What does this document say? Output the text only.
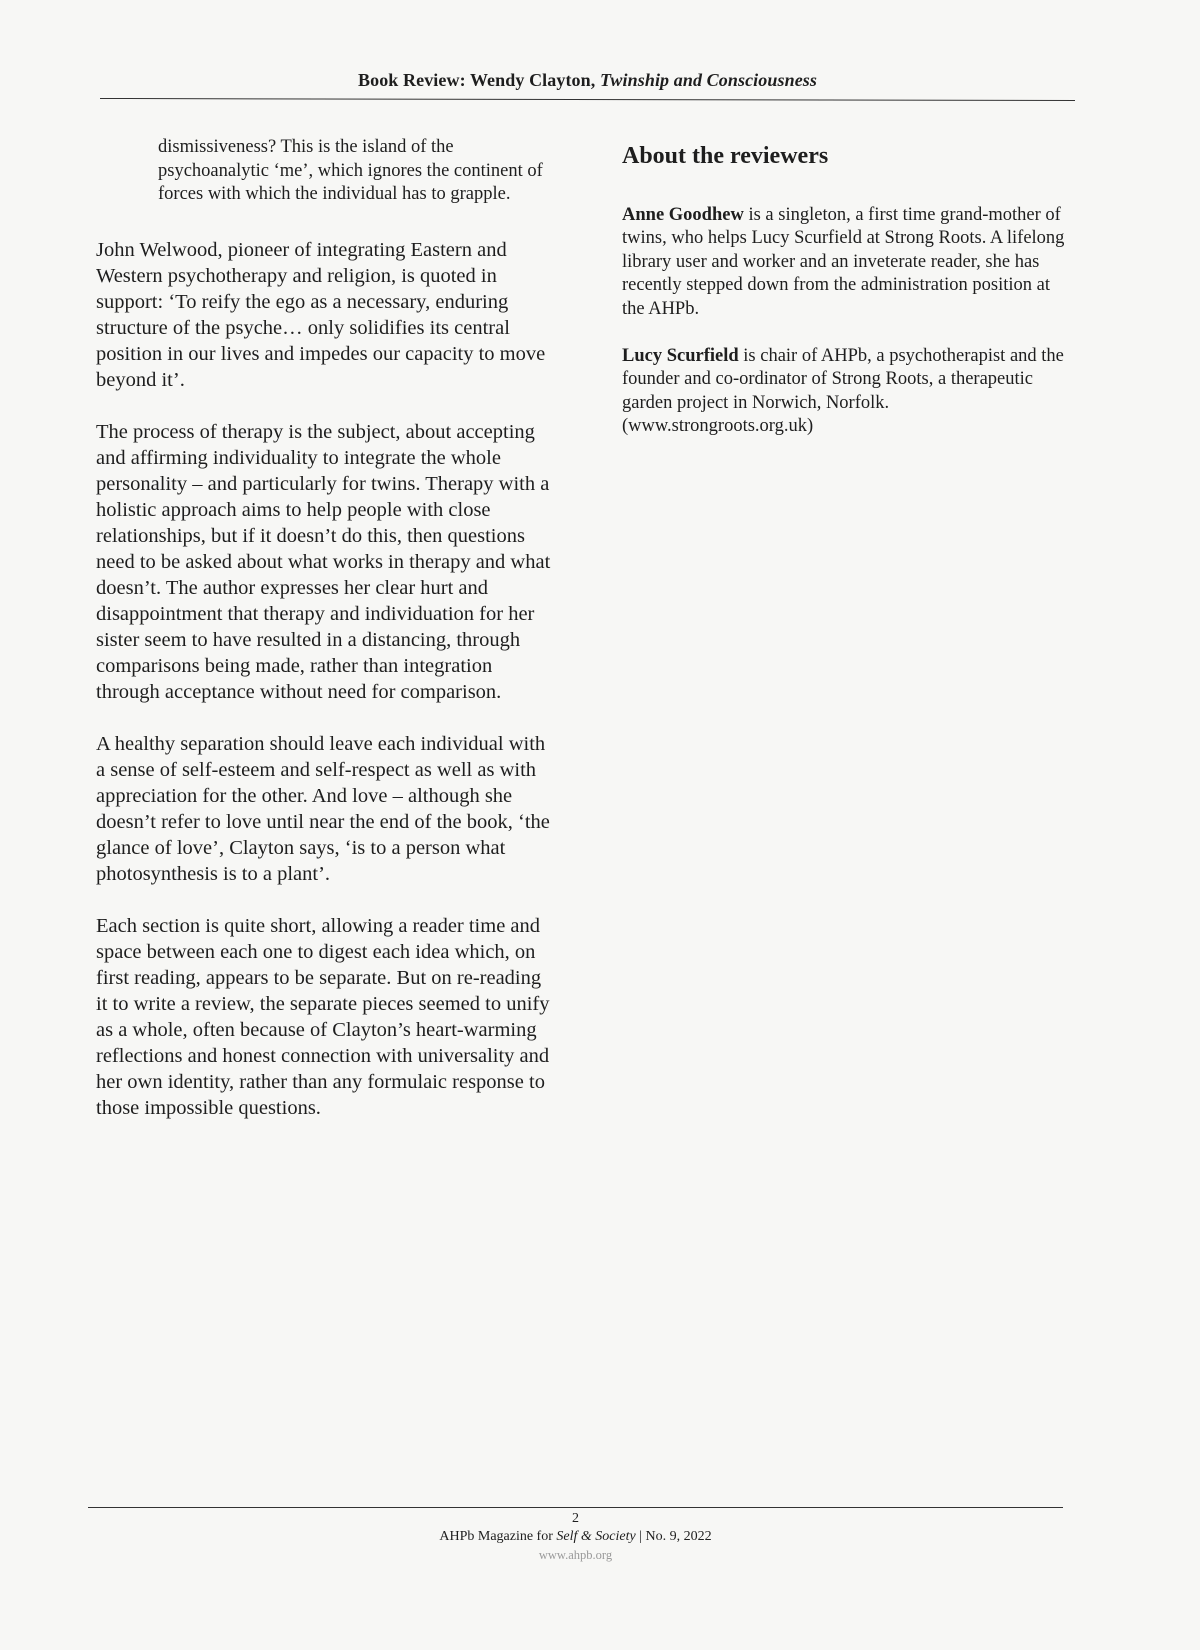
Book Review: Wendy Clayton, Twinship and Consciousness
dismissiveness? This is the island of the psychoanalytic ‘me’, which ignores the continent of forces with which the individual has to grapple.

John Welwood, pioneer of integrating Eastern and Western psychotherapy and religion, is quoted in support: ‘To reify the ego as a necessary, enduring structure of the psyche… only solidifies its central position in our lives and impedes our capacity to move beyond it’.

The process of therapy is the subject, about accepting and affirming individuality to integrate the whole personality – and particularly for twins. Therapy with a holistic approach aims to help people with close relationships, but if it doesn’t do this, then questions need to be asked about what works in therapy and what doesn’t. The author expresses her clear hurt and disappointment that therapy and individuation for her sister seem to have resulted in a distancing, through comparisons being made, rather than integration through acceptance without need for comparison.

A healthy separation should leave each individual with a sense of self-esteem and self-respect as well as with appreciation for the other. And love – although she doesn’t refer to love until near the end of the book, ‘the glance of love’, Clayton says, ‘is to a person what photosynthesis is to a plant’.

Each section is quite short, allowing a reader time and space between each one to digest each idea which, on first reading, appears to be separate. But on re-reading it to write a review, the separate pieces seemed to unify as a whole, often because of Clayton’s heart-warming reflections and honest connection with universality and her own identity, rather than any formulaic response to those impossible questions.

About the reviewers

Anne Goodhew is a singleton, a first time grand-mother of twins, who helps Lucy Scurfield at Strong Roots. A lifelong library user and worker and an inveterate reader, she has recently stepped down from the administration position at the AHPb.

Lucy Scurfield is chair of AHPb, a psychotherapist and the founder and co-ordinator of Strong Roots, a therapeutic garden project in Norwich, Norfolk. (www.strongroots.org.uk)

2
AHPb Magazine for Self & Society | No. 9, 2022
www.ahpb.org
